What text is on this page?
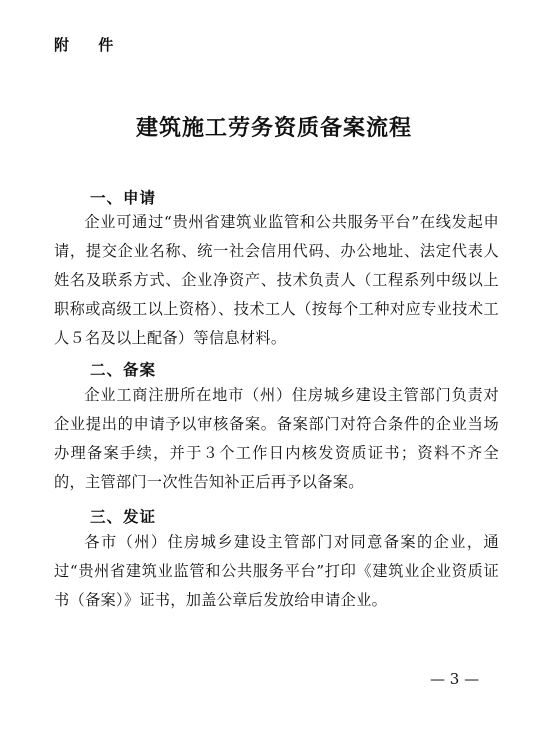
附 件
建筑施工劳务资质备案流程
一、申请
企业可通过“贵州省建筑业监管和公共服务平台”在线发起申请，提交企业名称、统一社会信用代码、办公地址、法定代表人姓名及联系方式、企业净资产、技术负责人（工程系列中级以上职称或高级工以上资格）、技术工人（按每个工种对应专业技术工人５名及以上配备）等信息材料。
二、备案
企业工商注册所在地市（州）住房城乡建设主管部门负责对企业提出的申请予以审核备案。备案部门对符合条件的企业当场办理备案手续，并于３个工作日内核发资质证书；资料不齐全的，主管部门一次性告知补正后再予以备案。
三、发证
各市（州）住房城乡建设主管部门对同意备案的企业，通过“贵州省建筑业监管和公共服务平台”打印《建筑业企业资质证书（备案）》证书，加盖公章后发放给申请企业。
— 3 —
